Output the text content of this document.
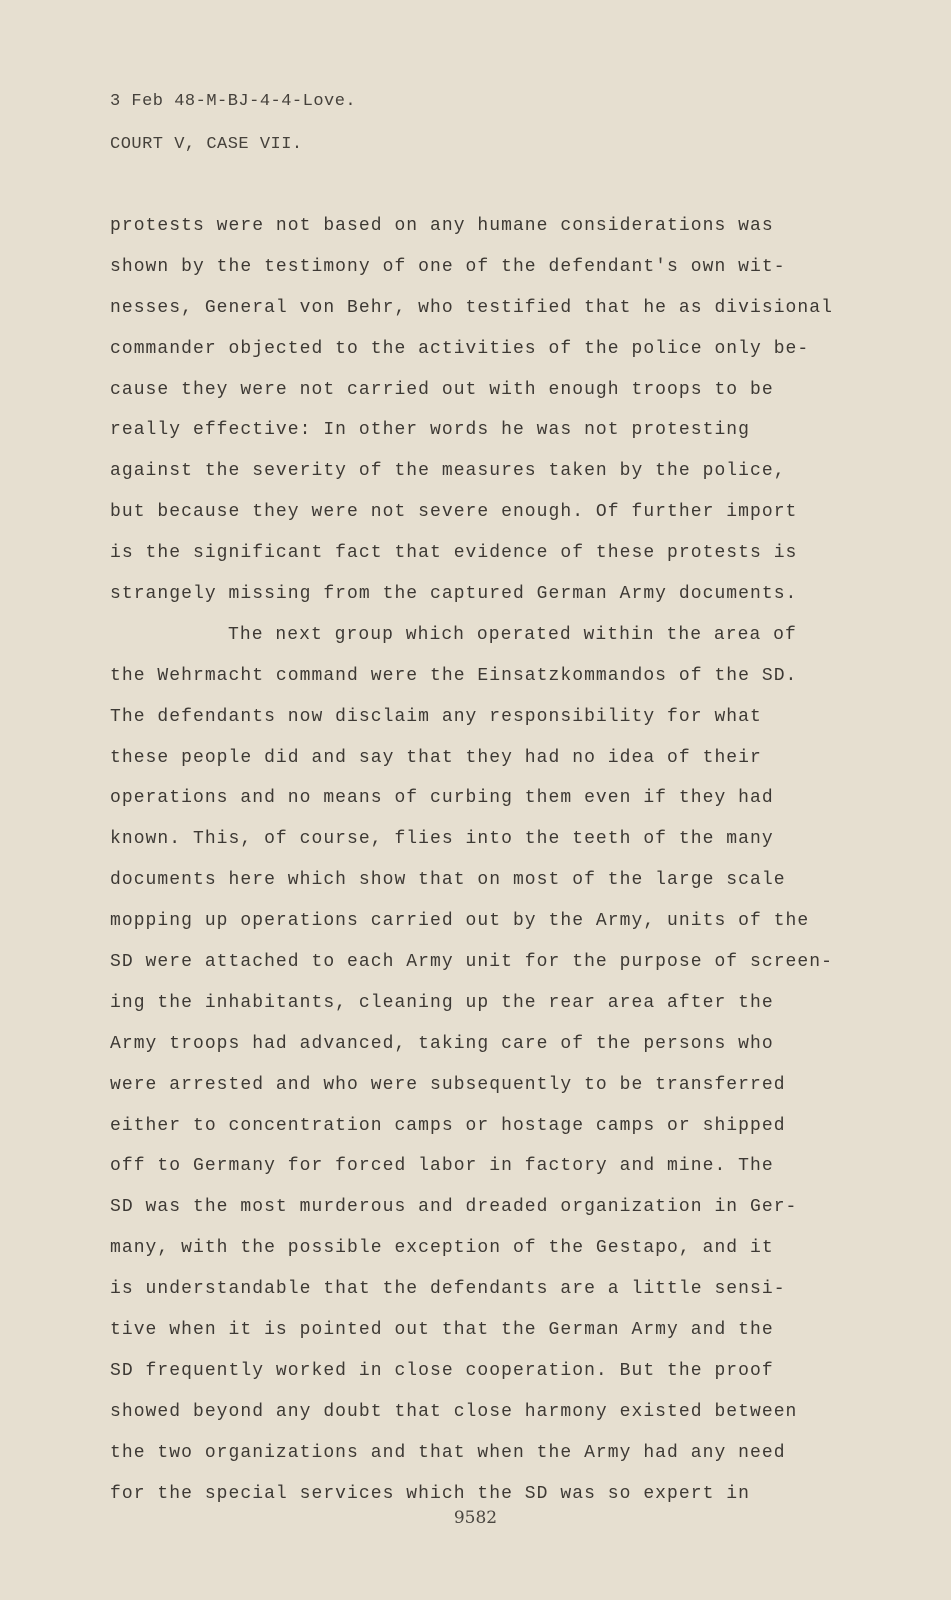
3 Feb 48-M-BJ-4-4-Love.
COURT V, CASE VII.
protests were not based on any humane considerations was
shown by the testimony of one of the defendant's own wit-
nesses, General von Behr, who testified that he as divisional
commander objected to the activities of the police only be-
cause they were not carried out with enough troops to be
really effective: In other words he was not protesting
against the severity of the measures taken by the police,
but because they were not severe enough. Of further import
is the significant fact that evidence of these protests is
strangely missing from the captured German Army documents.
The next group which operated within the area of
the Wehrmacht command were the Einsatzkommandos of the SD.
The defendants now disclaim any responsibility for what
these people did and say that they had no idea of their
operations and no means of curbing them even if they had
known. This, of course, flies into the teeth of the many
documents here which show that on most of the large scale
mopping up operations carried out by the Army, units of the
SD were attached to each Army unit for the purpose of screen-
ing the inhabitants, cleaning up the rear area after the
Army troops had advanced, taking care of the persons who
were arrested and who were subsequently to be transferred
either to concentration camps or hostage camps or shipped
off to Germany for forced labor in factory and mine. The
SD was the most murderous and dreaded organization in Ger-
many, with the possible exception of the Gestapo, and it
is understandable that the defendants are a little sensi-
tive when it is pointed out that the German Army and the
SD frequently worked in close cooperation. But the proof
showed beyond any doubt that close harmony existed between
the two organizations and that when the Army had any need
for the special services which the SD was so expert in
9582
